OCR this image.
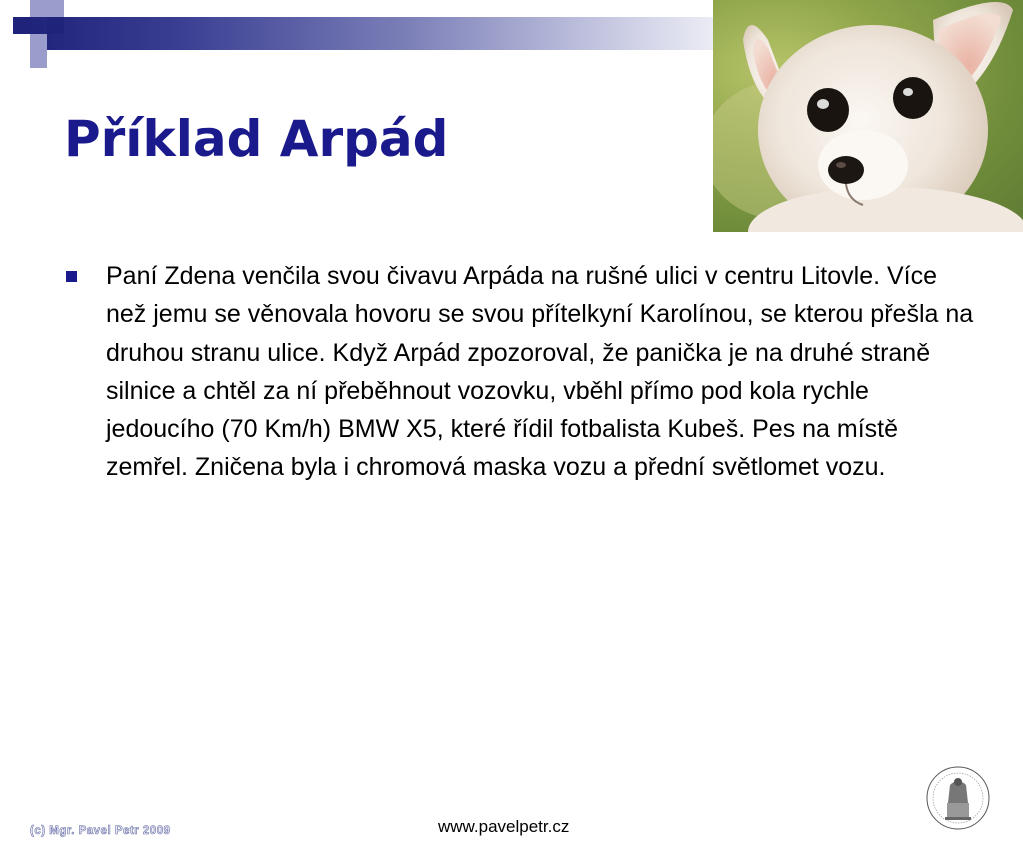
Příklad Arpád

Paní Zdena venčila svou čivavu Arpáda na rušné ulici v centru Litovle. Více než jemu se věnovala hovoru se svou přítelkyní Karolínou, se kterou přešla na druhou stranu ulice. Když Arpád zpozoroval, že panička je na druhé straně silnice a chtěl za ní přeběhnout vozovku, vběhl přímo pod kola rychle jedoucího (70 Km/h) BMW X5, které řídil fotbalista Kubeš. Pes na místě zemřel. Zničena byla i chromová maska vozu a přední světlomet vozu.

(c) Mgr. Pavel Petr 2009	www.pavelpetr.cz
